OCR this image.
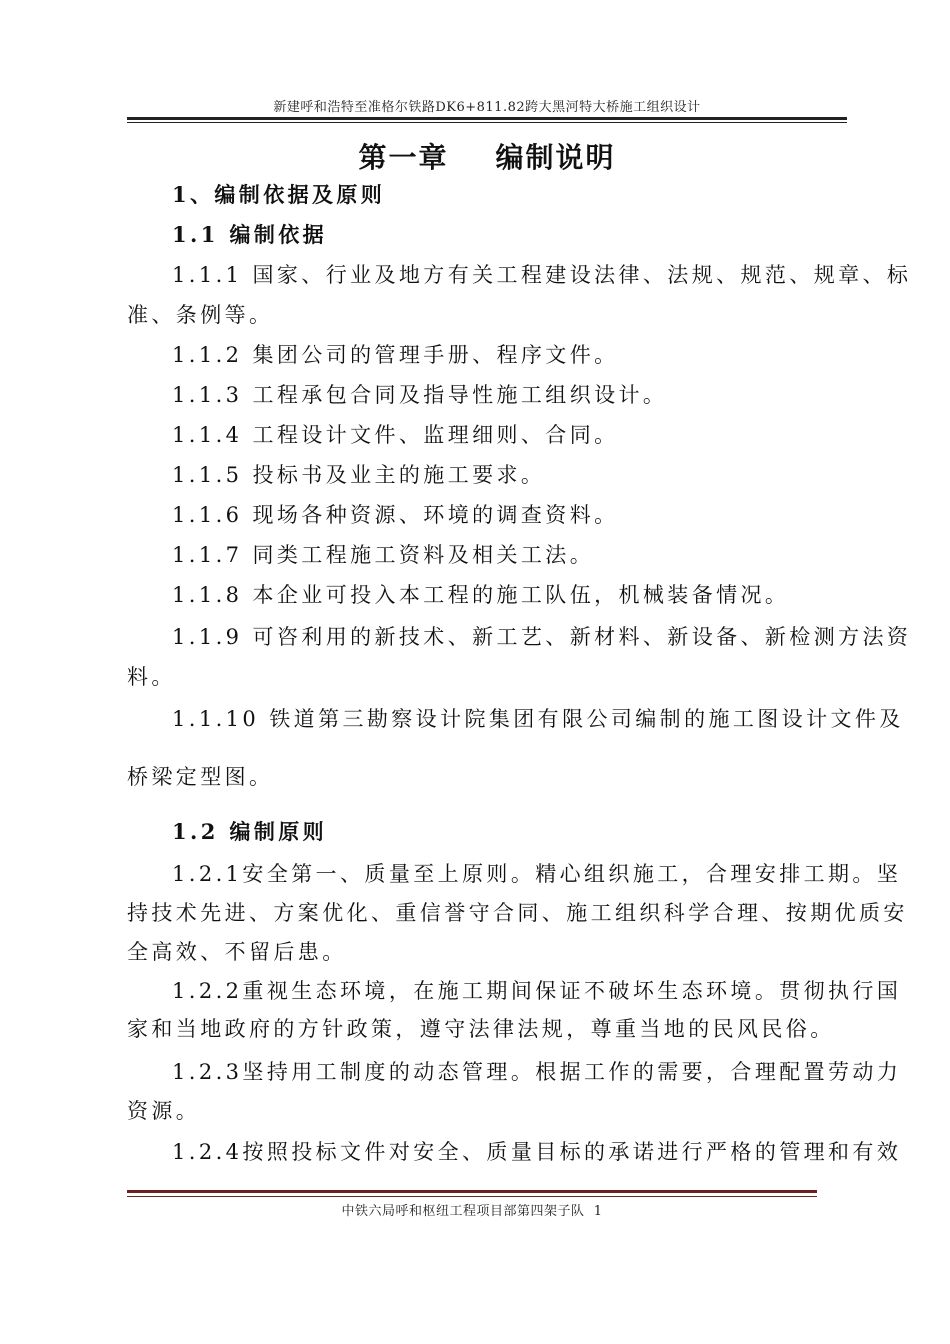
新建呼和浩特至准格尔铁路DK6+811.82跨大黑河特大桥施工组织设计
第一章    编制说明
1、编制依据及原则
1.1 编制依据
1.1.1 国家、行业及地方有关工程建设法律、法规、规范、规章、标
准、条例等。
1.1.2 集团公司的管理手册、程序文件。
1.1.3 工程承包合同及指导性施工组织设计。
1.1.4 工程设计文件、监理细则、合同。
1.1.5 投标书及业主的施工要求。
1.1.6 现场各种资源、环境的调查资料。
1.1.7 同类工程施工资料及相关工法。
1.1.8 本企业可投入本工程的施工队伍，机械装备情况。
1.1.9 可咨利用的新技术、新工艺、新材料、新设备、新检测方法资
料。
1.1.10 铁道第三勘察设计院集团有限公司编制的施工图设计文件及
桥梁定型图。
1.2 编制原则
1.2.1安全第一、质量至上原则。精心组织施工，合理安排工期。坚
持技术先进、方案优化、重信誉守合同、施工组织科学合理、按期优质安
全高效、不留后患。
1.2.2重视生态环境，在施工期间保证不破坏生态环境。贯彻执行国
家和当地政府的方针政策，遵守法律法规，尊重当地的民风民俗。
1.2.3坚持用工制度的动态管理。根据工作的需要，合理配置劳动力
资源。
1.2.4按照投标文件对安全、质量目标的承诺进行严格的管理和有效
中铁六局呼和枢纽工程项目部第四架子队  1
